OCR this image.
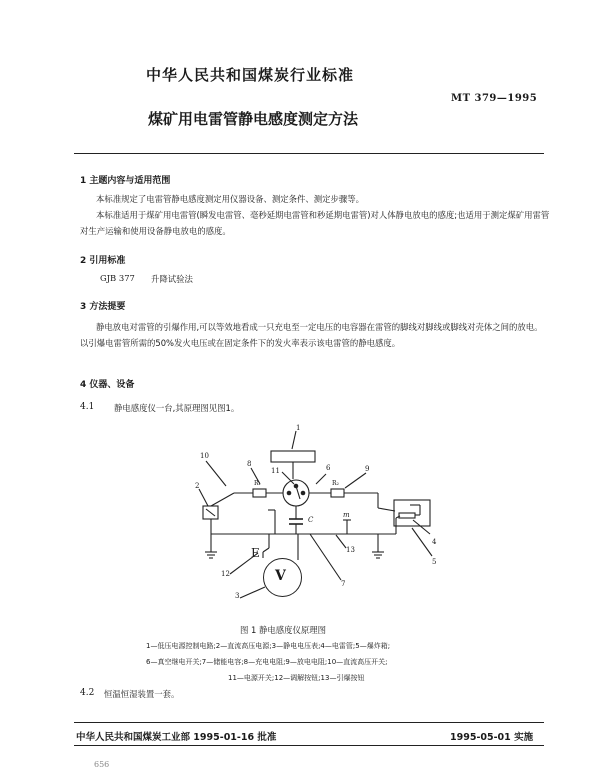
中华人民共和国煤炭行业标准
MT 379—1995
煤矿用电雷管静电感度测定方法
1 主题内容与适用范围
本标准规定了电雷管静电感度测定用仪器设备、测定条件、测定步骤等。
本标准适用于煤矿用电雷管(瞬发电雷管、毫秒延期电雷管和秒延期电雷管)对人体静电放电的感度;也适用于测定煤矿用雷管对生产运输和使用设备静电放电的感度。
2 引用标准
GJB 377 升降试验法
3 方法提要
静电放电对雷管的引爆作用,可以等效地看成一只充电至一定电压的电容器在雷管的脚线对脚线或脚线对壳体之间的放电。以引爆电雷管所需的50%发火电压或在固定条件下的发火率表示该电雷管的静电感度。
4 仪器、设备
4.1 静电感度仪一台,其原理图见图1。
V
1
10
8
11	6	9
2	R₁	R₂
C
m
E	13
4
5
12
7
3
图 1 静电感度仪原理图
1—低压电源控制电路;2—直流高压电源;3—静电电压表;4—电雷管;5—爆炸箱;
6—真空继电开关;7—储能电容;8—充电电阻;9—放电电阻;10—直流高压开关;
11—电源开关;12—调解按钮;13—引爆按钮
4.2 恒温恒湿装置一套。
中华人民共和国煤炭工业部 1995-01-16 批准	1995-05-01 实施
656
